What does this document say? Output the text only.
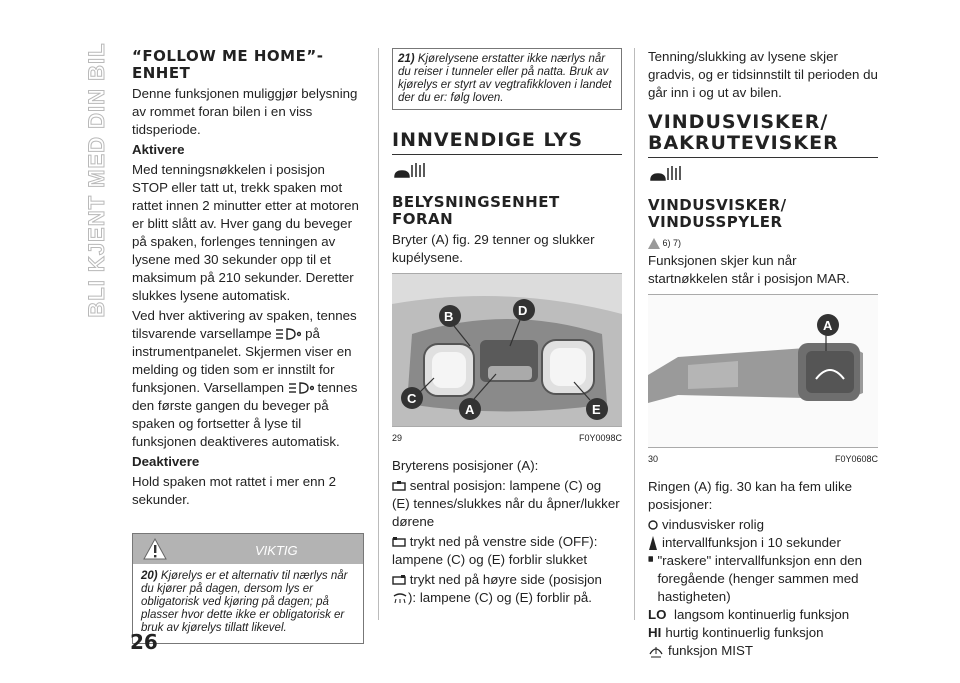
BLI KJENT MED DIN BIL “FOLLOW ME HOME”-ENHET

Denne funksjonen muliggjør belysning av rommet foran bilen i en viss tidsperiode.

Aktivere

Med tenningsnøkkelen i posisjon STOP eller tatt ut, trekk spaken mot rattet innen 2 minutter etter at motoren er blitt slått av. Hver gang du beveger på spaken, forlenges tenningen av lysene med 30 sekunder opp til et maksimum på 210 sekunder. Deretter slukkes lysene automatisk.

Ved hver aktivering av spaken, tennes tilsvarende varsellampe	på instrumentpanelet. Skjermen viser en melding og tiden som er innstilt for funksjonen. Varsellampen	tennes den første gangen du beveger på spaken og fortsetter å lyse til funksjonen deaktiveres automatisk.

Deaktivere

Hold spaken mot rattet i mer enn 2 sekunder.

VIKTIG
20) Kjørelys er et alternativ til nærlys når du kjører på dagen, dersom lys er obligatorisk ved kjøring på dagen; på plasser hvor dette ikke er obligatorisk er bruk av kjørelys tillatt likevel.
21) Kjørelysene erstatter ikke nærlys når du reiser i tunneler eller på natta. Bruk av kjørelys er styrt av vegtrafikkloven i landet der du er: følg loven.
INNVENDIGE LYS
BELYSNINGSENHET FORAN

Bryter (A) fig. 29 tenner og slukker kupélysene.

B	D
C
A	E
29	F0Y0098C

Bryterens posisjoner (A):

sentral posisjon: lampene (C) og (E) tennes/slukkes når du åpner/lukker dørene

trykt ned på venstre side (OFF): lampene (C) og (E) forblir slukket

trykt ned på høyre side (posisjon
): lampene (C) og (E) forblir på.

Tenning/slukking av lysene skjer gradvis, og er tidsinnstilt til perioden du går inn i og ut av bilen.

VINDUSVISKER/ BAKRUTEVISKER
VINDUSVISKER/ VINDUSSPYLER
6) 7)

Funksjonen skjer kun når startnøkkelen står i posisjon MAR.

A
30	F0Y0608C

Ringen (A) fig. 30 kan ha fem ulike posisjoner:

vindusvisker rolig
intervallfunksjon i 10 sekunder
"raskere" intervallfunksjon enn den foregående (henger sammen med hastigheten)
LO langsom kontinuerlig funksjon
HI hurtig kontinuerlig funksjon
funksjon MIST
26
